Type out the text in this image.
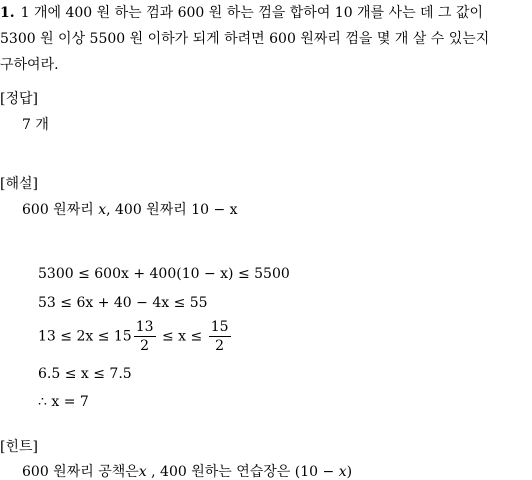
1. 1 개에 400 원 하는 껌과 600 원 하는 껌을 합하여 10 개를 사는 데 그 값이
5300 원 이상 5500 원 이하가 되게 하려면 600 원짜리 껌을 몇 개 살 수 있는지
구하여라.
[정답]
7 개
[해설]
600 원짜리 x, 400 원짜리 10 − x
5300 ≤ 600x + 400(10 − x) ≤ 5500
53 ≤ 6x + 40 − 4x ≤ 55
$13 \le 2x \le 15 \frac{13}{2} \le x \le \frac{15}{2}$
6.5 ≤ x ≤ 7.5
∴ x = 7
[힌트]
600 원짜리 공책은x , 400 원하는 연습장은 (10 − x)
